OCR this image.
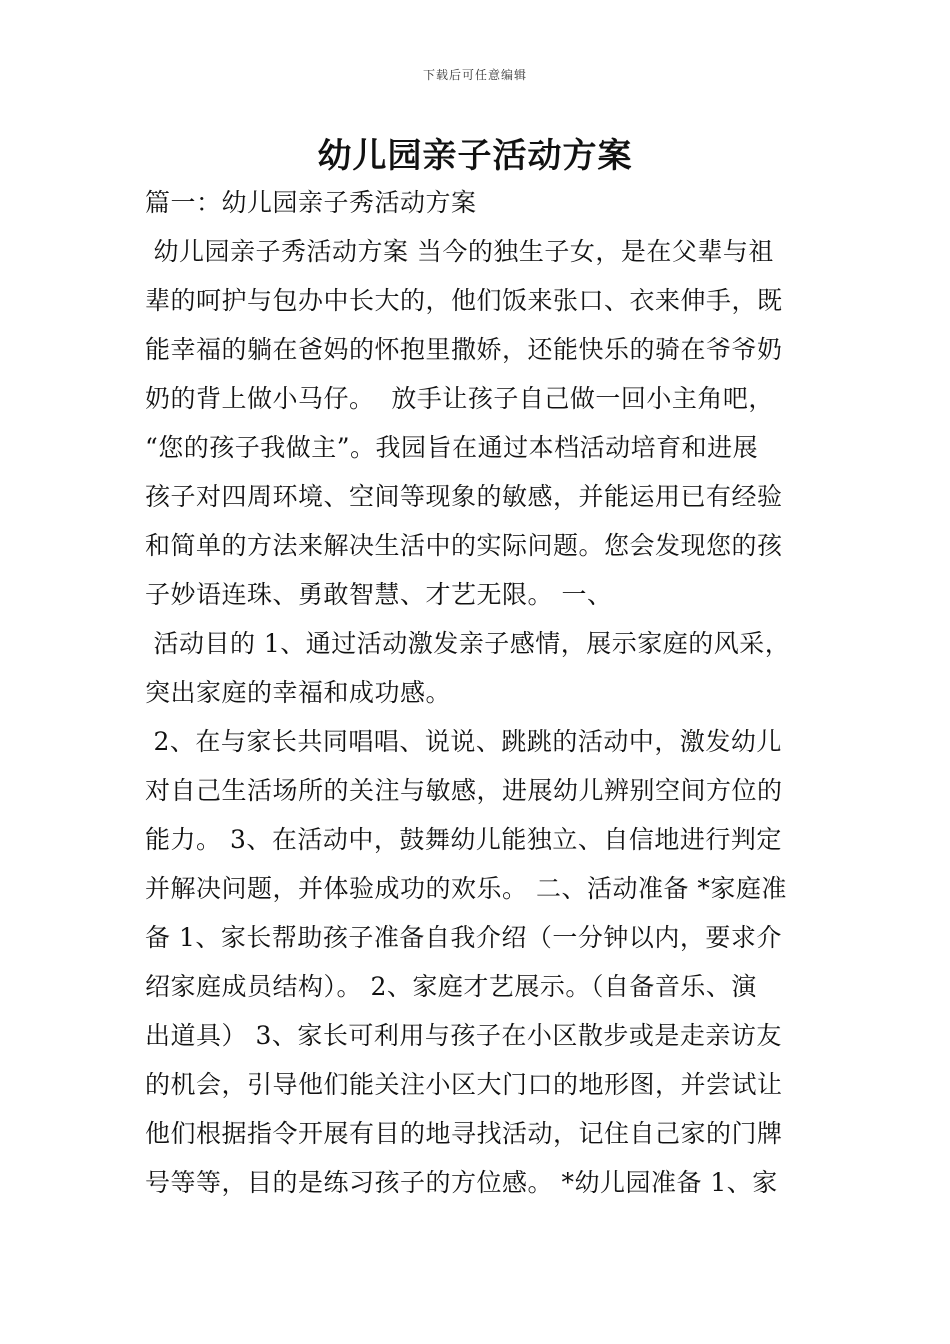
下载后可任意编辑
幼儿园亲子活动方案
篇一：幼儿园亲子秀活动方案
幼儿园亲子秀活动方案 当今的独生子女，是在父辈与祖
辈的呵护与包办中长大的，他们饭来张口、衣来伸手，既
能幸福的躺在爸妈的怀抱里撒娇，还能快乐的骑在爷爷奶
奶的背上做小马仔。  放手让孩子自己做一回小主角吧，
“您的孩子我做主”。我园旨在通过本档活动培育和进展
孩子对四周环境、空间等现象的敏感，并能运用已有经验
和简单的方法来解决生活中的实际问题。您会发现您的孩
子妙语连珠、勇敢智慧、才艺无限。 一、
活动目的 1、通过活动激发亲子感情，展示家庭的风采，
突出家庭的幸福和成功感。
2、在与家长共同唱唱、说说、跳跳的活动中，激发幼儿
对自己生活场所的关注与敏感，进展幼儿辨别空间方位的
能力。 3、在活动中，鼓舞幼儿能独立、自信地进行判定
并解决问题，并体验成功的欢乐。 二、活动准备 *家庭准
备 1、家长帮助孩子准备自我介绍（一分钟以内，要求介
绍家庭成员结构）。 2、家庭才艺展示。（自备音乐、演
出道具） 3、家长可利用与孩子在小区散步或是走亲访友
的机会，引导他们能关注小区大门口的地形图，并尝试让
他们根据指令开展有目的地寻找活动，记住自己家的门牌
号等等，目的是练习孩子的方位感。 *幼儿园准备 1、家
